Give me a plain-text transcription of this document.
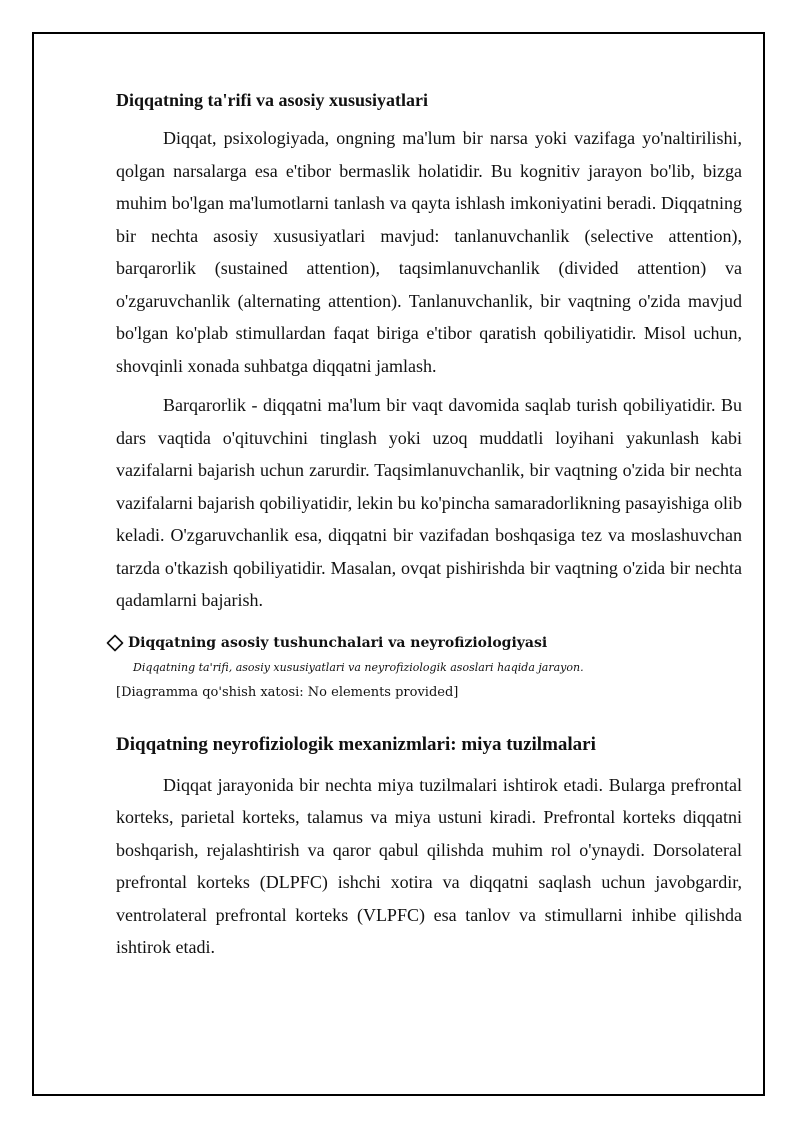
Diqqatning ta'rifi va asosiy xususiyatlari

Diqqat, psixologiyada, ongning ma'lum bir narsa yoki vazifaga yo'naltirilishi, qolgan narsalarga esa e'tibor bermaslik holatidir. Bu kognitiv jarayon bo'lib, bizga muhim bo'lgan ma'lumotlarni tanlash va qayta ishlash imkoniyatini beradi. Diqqatning bir nechta asosiy xususiyatlari mavjud: tanlanuvchanlik (selective attention), barqarorlik (sustained attention), taqsimlanuvchanlik (divided attention) va o'zgaruvchanlik (alternating attention). Tanlanuvchanlik, bir vaqtning o'zida mavjud bo'lgan ko'plab stimullardan faqat biriga e'tibor qaratish qobiliyatidir. Misol uchun, shovqinli xonada suhbatga diqqatni jamlash.

Barqarorlik - diqqatni ma'lum bir vaqt davomida saqlab turish qobiliyatidir. Bu dars vaqtida o'qituvchini tinglash yoki uzoq muddatli loyihani yakunlash kabi vazifalarni bajarish uchun zarurdir. Taqsimlanuvchanlik, bir vaqtning o'zida bir nechta vazifalarni bajarish qobiliyatidir, lekin bu ko'pincha samaradorlikning pasayishiga olib keladi. O'zgaruvchanlik esa, diqqatni bir vazifadan boshqasiga tez va moslashuvchan tarzda o'tkazish qobiliyatidir. Masalan, ovqat pishirishda bir vaqtning o'zida bir nechta qadamlarni bajarish.

Diqqatning asosiy tushunchalari va neyrofiziologiyasi
Diqqatning ta'rifi, asosiy xususiyatlari va neyrofiziologik asoslari haqida jarayon.
[Diagramma qo'shish xatosi: No elements provided]
Diqqatning neyrofiziologik mexanizmlari: miya tuzilmalari

Diqqat jarayonida bir nechta miya tuzilmalari ishtirok etadi. Bularga prefrontal korteks, parietal korteks, talamus va miya ustuni kiradi. Prefrontal korteks diqqatni boshqarish, rejalashtirish va qaror qabul qilishda muhim rol o'ynaydi. Dorsolateral prefrontal korteks (DLPFC) ishchi xotira va diqqatni saqlash uchun javobgardir, ventrolateral prefrontal korteks (VLPFC) esa tanlov va stimullarni inhibe qilishda ishtirok etadi.
